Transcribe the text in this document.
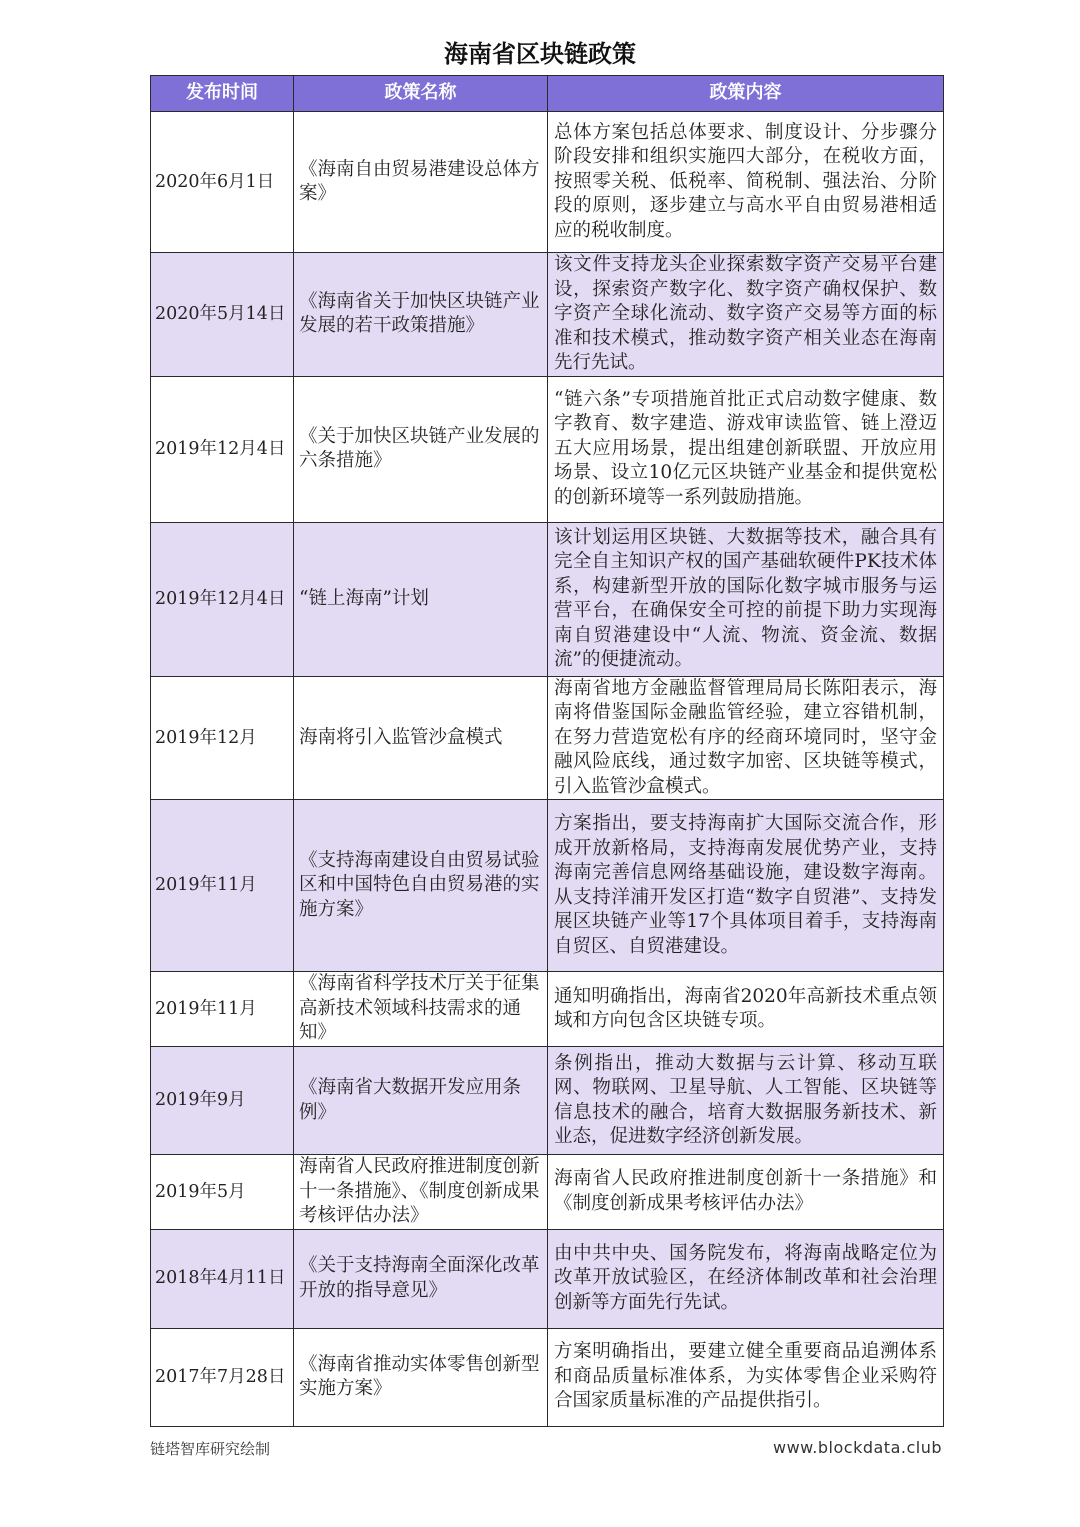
海南省区块链政策
发布时间	政策名称	政策内容
2020年6月1日	《海南自由贸易港建设总体方案》	总体方案包括总体要求、制度设计、分步骤分阶段安排和组织实施四大部分，在税收方面，按照零关税、低税率、简税制、强法治、分阶段的原则，逐步建立与高水平自由贸易港相适应的税收制度。
2020年5月14日	《海南省关于加快区块链产业发展的若干政策措施》	该文件支持龙头企业探索数字资产交易平台建设，探索资产数字化、数字资产确权保护、数字资产全球化流动、数字资产交易等方面的标准和技术模式，推动数字资产相关业态在海南先行先试。
2019年12月4日	《关于加快区块链产业发展的六条措施》	“链六条”专项措施首批正式启动数字健康、数字教育、数字建造、游戏审读监管、链上澄迈五大应用场景，提出组建创新联盟、开放应用场景、设立10亿元区块链产业基金和提供宽松的创新环境等一系列鼓励措施。
2019年12月4日	“链上海南”计划	该计划运用区块链、大数据等技术，融合具有完全自主知识产权的国产基础软硬件PK技术体系，构建新型开放的国际化数字城市服务与运营平台，在确保安全可控的前提下助力实现海南自贸港建设中“人流、物流、资金流、数据流”的便捷流动。
2019年12月	海南将引入监管沙盒模式	海南省地方金融监督管理局局长陈阳表示，海南将借鉴国际金融监管经验，建立容错机制，在努力营造宽松有序的经商环境同时，坚守金融风险底线，通过数字加密、区块链等模式，引入监管沙盒模式。
2019年11月	《支持海南建设自由贸易试验区和中国特色自由贸易港的实施方案》	方案指出，要支持海南扩大国际交流合作，形成开放新格局，支持海南发展优势产业，支持海南完善信息网络基础设施，建设数字海南。从支持洋浦开发区打造“数字自贸港”、支持发展区块链产业等17个具体项目着手，支持海南自贸区、自贸港建设。
2019年11月	《海南省科学技术厅关于征集高新技术领域科技需求的通知》	通知明确指出，海南省2020年高新技术重点领域和方向包含区块链专项。
2019年9月	《海南省大数据开发应用条例》	条例指出，推动大数据与云计算、移动互联网、物联网、卫星导航、人工智能、区块链等信息技术的融合，培育大数据服务新技术、新业态，促进数字经济创新发展。
2019年5月	海南省人民政府推进制度创新十一条措施》、《制度创新成果考核评估办法》	海南省人民政府推进制度创新十一条措施》和《制度创新成果考核评估办法》
2018年4月11日	《关于支持海南全面深化改革开放的指导意见》	由中共中央、国务院发布，将海南战略定位为改革开放试验区，在经济体制改革和社会治理创新等方面先行先试。
2017年7月28日	《海南省推动实体零售创新型实施方案》	方案明确指出，要建立健全重要商品追溯体系和商品质量标准体系，为实体零售企业采购符合国家质量标准的产品提供指引。
链塔智库研究绘制	www.blockdata.club
